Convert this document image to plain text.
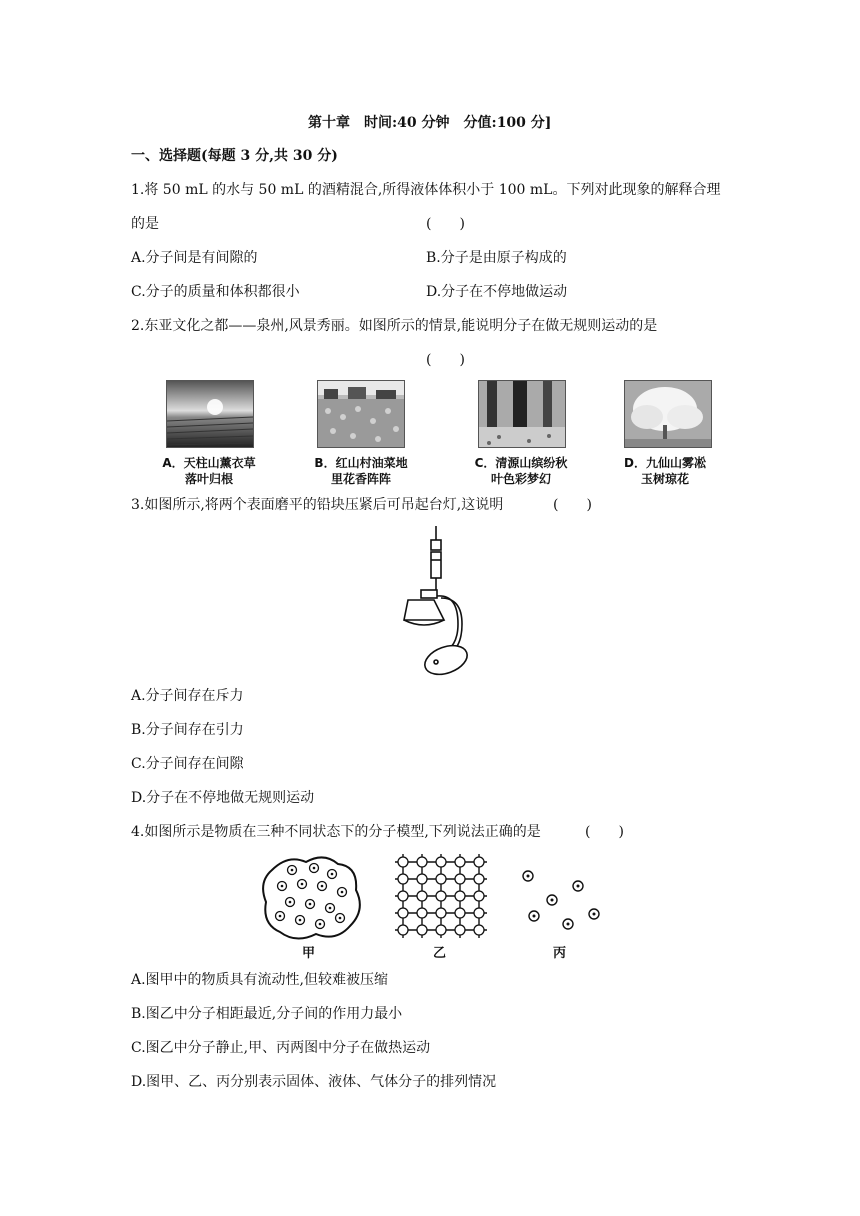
第十章　时间:40 分钟　分值:100 分]
一、选择题(每题 3 分,共 30 分)
1.将 50 mL 的水与 50 mL 的酒精混合,所得液体体积小于 100 mL。下列对此现象的解释合理
的是	(　　)
A.分子间是有间隙的	B.分子是由原子构成的
C.分子的质量和体积都很小	D.分子在不停地做运动
2.东亚文化之都——泉州,风景秀丽。如图所示的情景,能说明分子在做无规则运动的是
(　　)
A．天柱山薰衣草
落叶归根
B．红山村油菜地
里花香阵阵
C．清源山缤纷秋
叶色彩梦幻
D．九仙山雾凇
玉树琼花
3.如图所示,将两个表面磨平的铅块压紧后可吊起台灯,这说明	(　　)
A.分子间存在斥力
B.分子间存在引力
C.分子间存在间隙
D.分子在不停地做无规则运动
4.如图所示是物质在三种不同状态下的分子模型,下列说法正确的是	(　　)
甲	乙	丙
A.图甲中的物质具有流动性,但较难被压缩
B.图乙中分子相距最近,分子间的作用力最小
C.图乙中分子静止,甲、丙两图中分子在做热运动
D.图甲、乙、丙分别表示固体、液体、气体分子的排列情况
